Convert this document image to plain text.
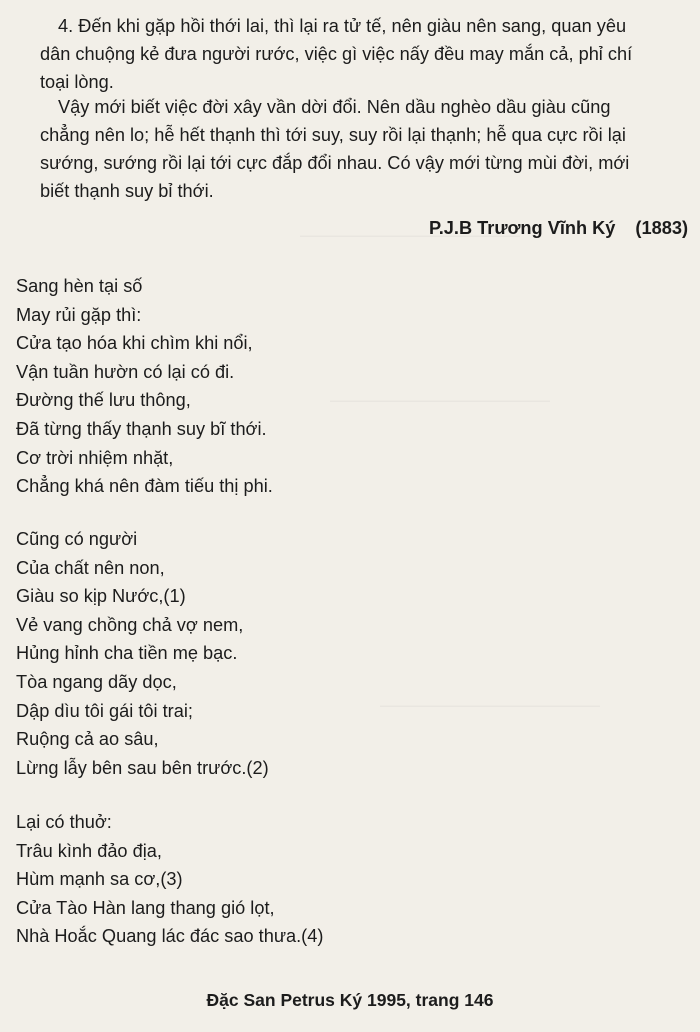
————————————————————
————————————————————
————————————————————

4. Đến khi gặp hồi thới lai, thì lại ra tử tế, nên giàu nên sang, quan yêu
dân chuộng kẻ đưa người rước, việc gì việc nấy đều may mắn cả, phỉ chí
toại lòng.

Vậy mới biết việc đời xây vần dời đổi. Nên dầu nghèo dầu giàu cũng
chẳng nên lo; hễ hết thạnh thì tới suy, suy rồi lại thạnh; hễ qua cực rồi lại
sướng, sướng rồi lại tới cực đắp đổi nhau. Có vậy mới từng mùi đời, mới
biết thạnh suy bỉ thới.

P.J.B Trương Vĩnh Ký (1883)
Sang hèn tại số
May rủi gặp thì:
Cửa tạo hóa khi chìm khi nổi,
Vận tuần hườn có lại có đi.
Đường thế lưu thông,
Đã từng thấy thạnh suy bĩ thới.
Cơ trời nhiệm nhặt,
Chẳng khá nên đàm tiếu thị phi.
Cũng có người
Của chất nên non,
Giàu so kịp Nước,(1)
Vẻ vang chồng chả vợ nem,
Hủng hỉnh cha tiền mẹ bạc.
Tòa ngang dãy dọc,
Dập dìu tôi gái tôi trai;
Ruộng cả ao sâu,
Lừng lẫy bên sau bên trước.(2)
Lại có thuở:
Trâu kình đảo địa,
Hùm mạnh sa cơ,(3)
Cửa Tào Hàn lang thang gió lọt,
Nhà Hoắc Quang lác đác sao thưa.(4)
Đặc San Petrus Ký 1995, trang 146
